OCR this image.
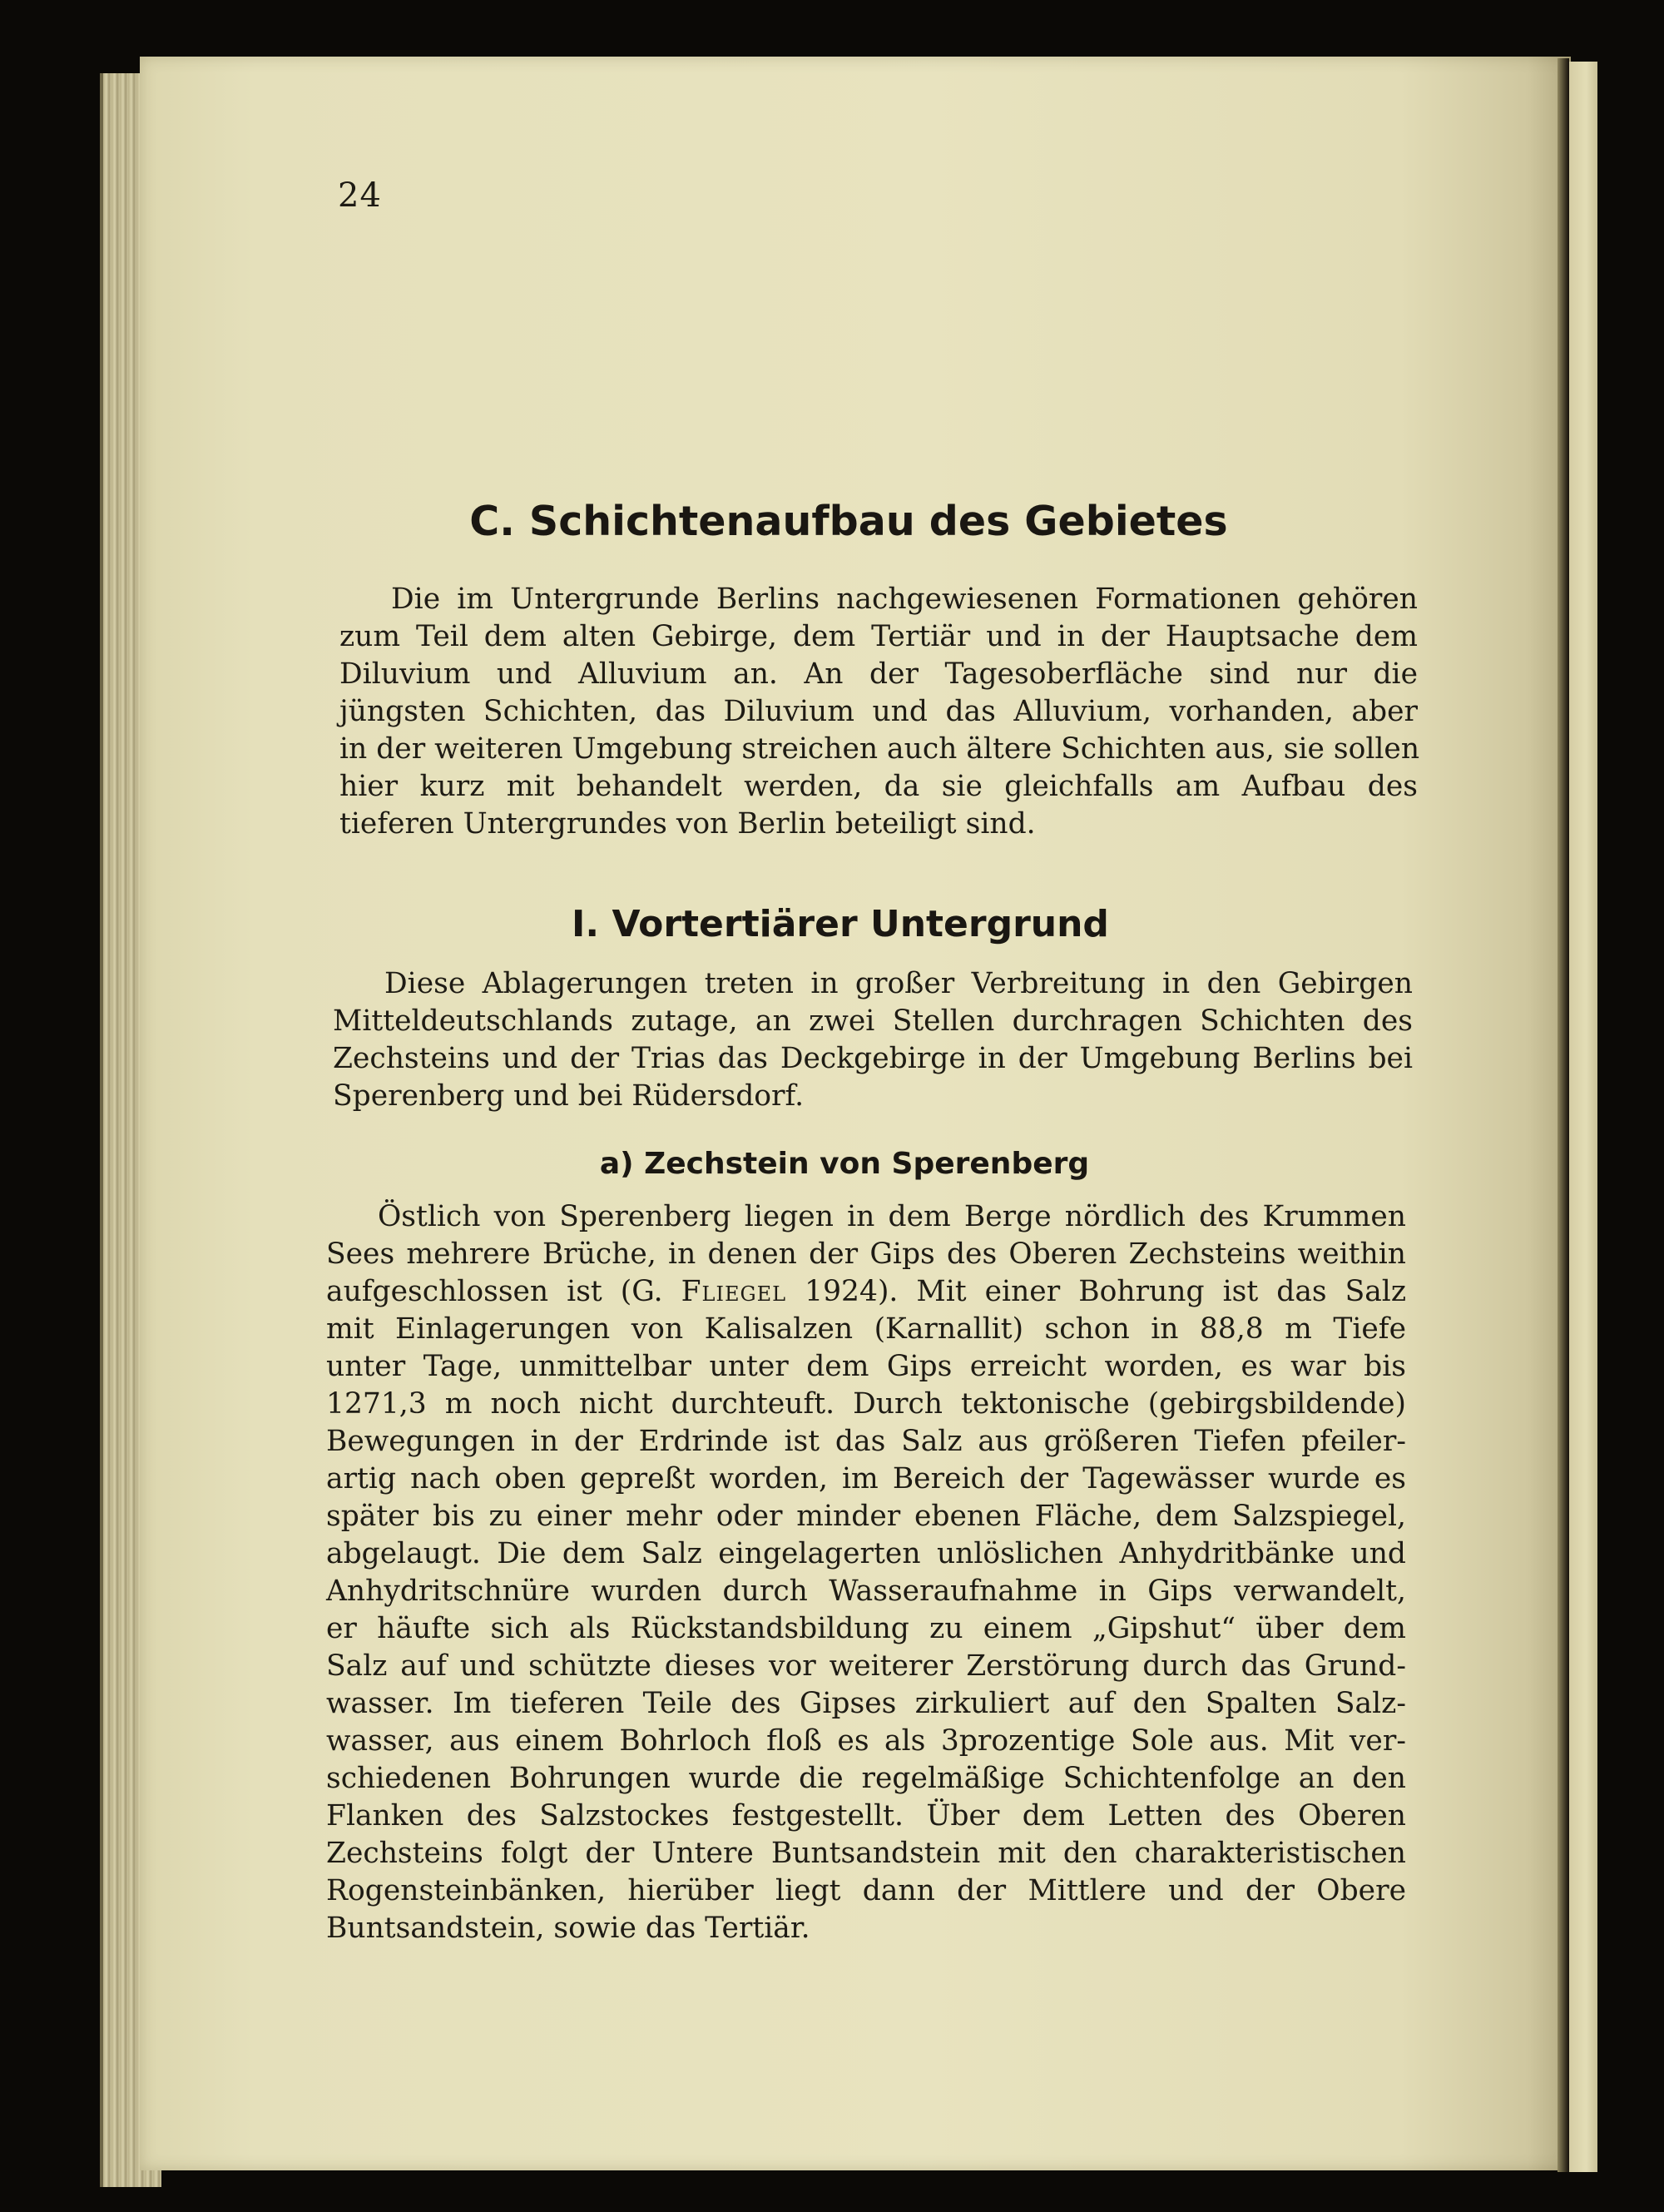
24
C. Schichtenaufbau des Gebietes
Die im Untergrunde Berlins nachgewiesenen Formationen gehören
zum Teil dem alten Gebirge, dem Tertiär und in der Hauptsache dem
Diluvium und Alluvium an. An der Tagesoberfläche sind nur die
jüngsten Schichten, das Diluvium und das Alluvium, vorhanden, aber
in der weiteren Umgebung streichen auch ältere Schichten aus, sie sollen
hier kurz mit behandelt werden, da sie gleichfalls am Aufbau des
tieferen Untergrundes von Berlin beteiligt sind.
I. Vortertiärer Untergrund
Diese Ablagerungen treten in großer Verbreitung in den Gebirgen
Mitteldeutschlands zutage, an zwei Stellen durchragen Schichten des
Zechsteins und der Trias das Deckgebirge in der Umgebung Berlins bei
Sperenberg und bei Rüdersdorf.
a) Zechstein von Sperenberg
Östlich von Sperenberg liegen in dem Berge nördlich des Krummen
Sees mehrere Brüche, in denen der Gips des Oberen Zechsteins weithin
aufgeschlossen ist (G. Fliegel 1924). Mit einer Bohrung ist das Salz
mit Einlagerungen von Kalisalzen (Karnallit) schon in 88,8 m Tiefe
unter Tage, unmittelbar unter dem Gips erreicht worden, es war bis
1271,3 m noch nicht durchteuft. Durch tektonische (gebirgsbildende)
Bewegungen in der Erdrinde ist das Salz aus größeren Tiefen pfeiler-
artig nach oben gepreßt worden, im Bereich der Tagewässer wurde es
später bis zu einer mehr oder minder ebenen Fläche, dem Salzspiegel,
abgelaugt. Die dem Salz eingelagerten unlöslichen Anhydritbänke und
Anhydritschnüre wurden durch Wasseraufnahme in Gips verwandelt,
er häufte sich als Rückstandsbildung zu einem „Gipshut“ über dem
Salz auf und schützte dieses vor weiterer Zerstörung durch das Grund-
wasser. Im tieferen Teile des Gipses zirkuliert auf den Spalten Salz-
wasser, aus einem Bohrloch floß es als 3prozentige Sole aus. Mit ver-
schiedenen Bohrungen wurde die regelmäßige Schichtenfolge an den
Flanken des Salzstockes festgestellt. Über dem Letten des Oberen
Zechsteins folgt der Untere Buntsandstein mit den charakteristischen
Rogensteinbänken, hierüber liegt dann der Mittlere und der Obere
Buntsandstein, sowie das Tertiär.
